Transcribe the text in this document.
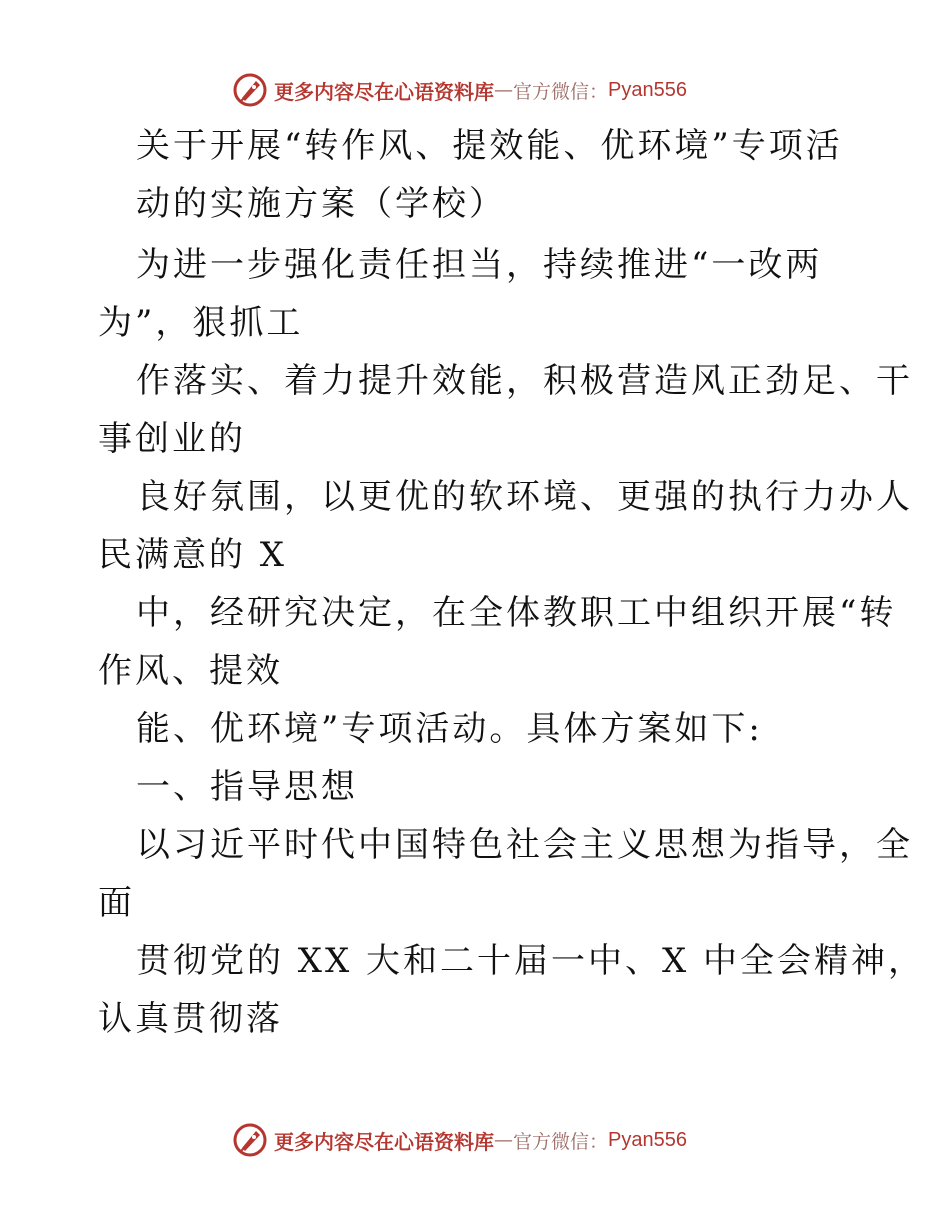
更多内容尽在心语资料库 — 官方微信： Pyan556
关于开展“转作风、提效能、优环境”专项活
动的实施方案（学校）
为进一步强化责任担当，持续推进“一改两
为”，狠抓工
作落实、着力提升效能，积极营造风正劲足、干
事创业的
良好氛围，以更优的软环境、更强的执行力办人
民满意的 X
中，经研究决定，在全体教职工中组织开展“转
作风、提效
能、优环境”专项活动。具体方案如下:
一、指导思想
以习近平时代中国特色社会主义思想为指导，全
面
贯彻党的 XX 大和二十届一中、X 中全会精神，
认真贯彻落
更多内容尽在心语资料库 — 官方微信： Pyan556
